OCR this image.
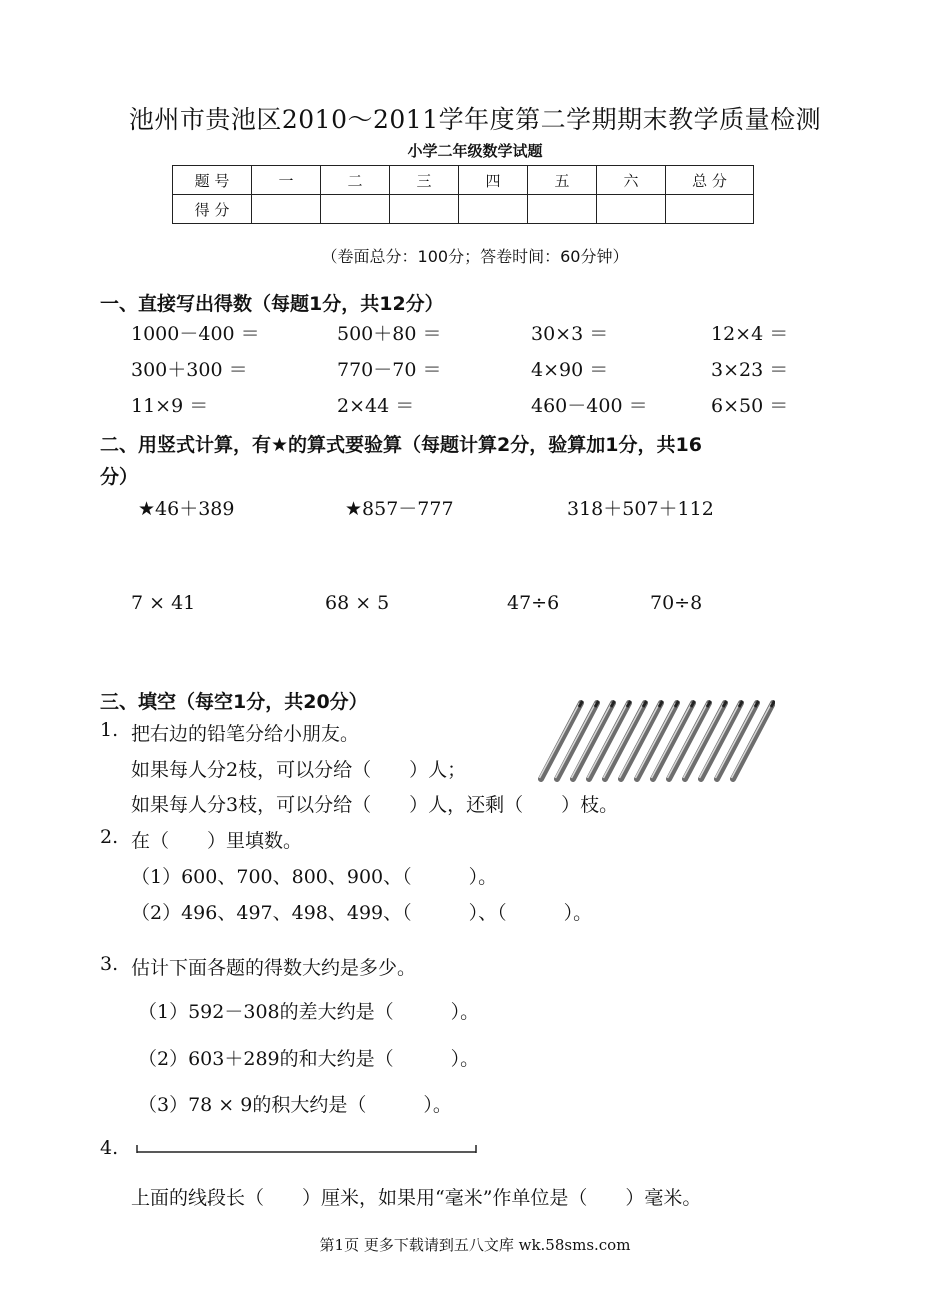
池州市贵池区2010～2011学年度第二学期期末教学质量检测
小学二年级数学试题
题 号	一	二	三	四	五	六	总 分
得 分							
（卷面总分：100分；答卷时间：60分钟）
一、直接写出得数（每题1分，共12分）
1000－400 ＝	500＋80 ＝	30×3 ＝	12×4 ＝
300＋300 ＝	770－70 ＝	4×90 ＝	3×23 ＝
11×9 ＝	2×44 ＝	460－400 ＝	6×50 ＝
二、用竖式计算，有★的算式要验算（每题计算2分，验算加1分，共16
分）
★46＋389	★857－777	318＋507＋112
7 × 41	68 × 5	47÷6	70÷8
三、填空（每空1分，共20分）
1. 把右边的铅笔分给小朋友。
如果每人分2枝，可以分给（　　）人；
如果每人分3枝，可以分给（　　）人，还剩（　　）枝。
2. 在（　　）里填数。
（1）600、700、800、900、（　　　）。
（2）496、497、498、499、（　　　）、（　　　）。
3. 估计下面各题的得数大约是多少。
（1）592－308的差大约是（　　　）。
（2）603＋289的和大约是（　　　）。
（3）78 × 9的积大约是（　　　）。
4.
上面的线段长（　　）厘米，如果用“毫米”作单位是（　　）毫米。
第1页 更多下载请到五八文库 wk.58sms.com
